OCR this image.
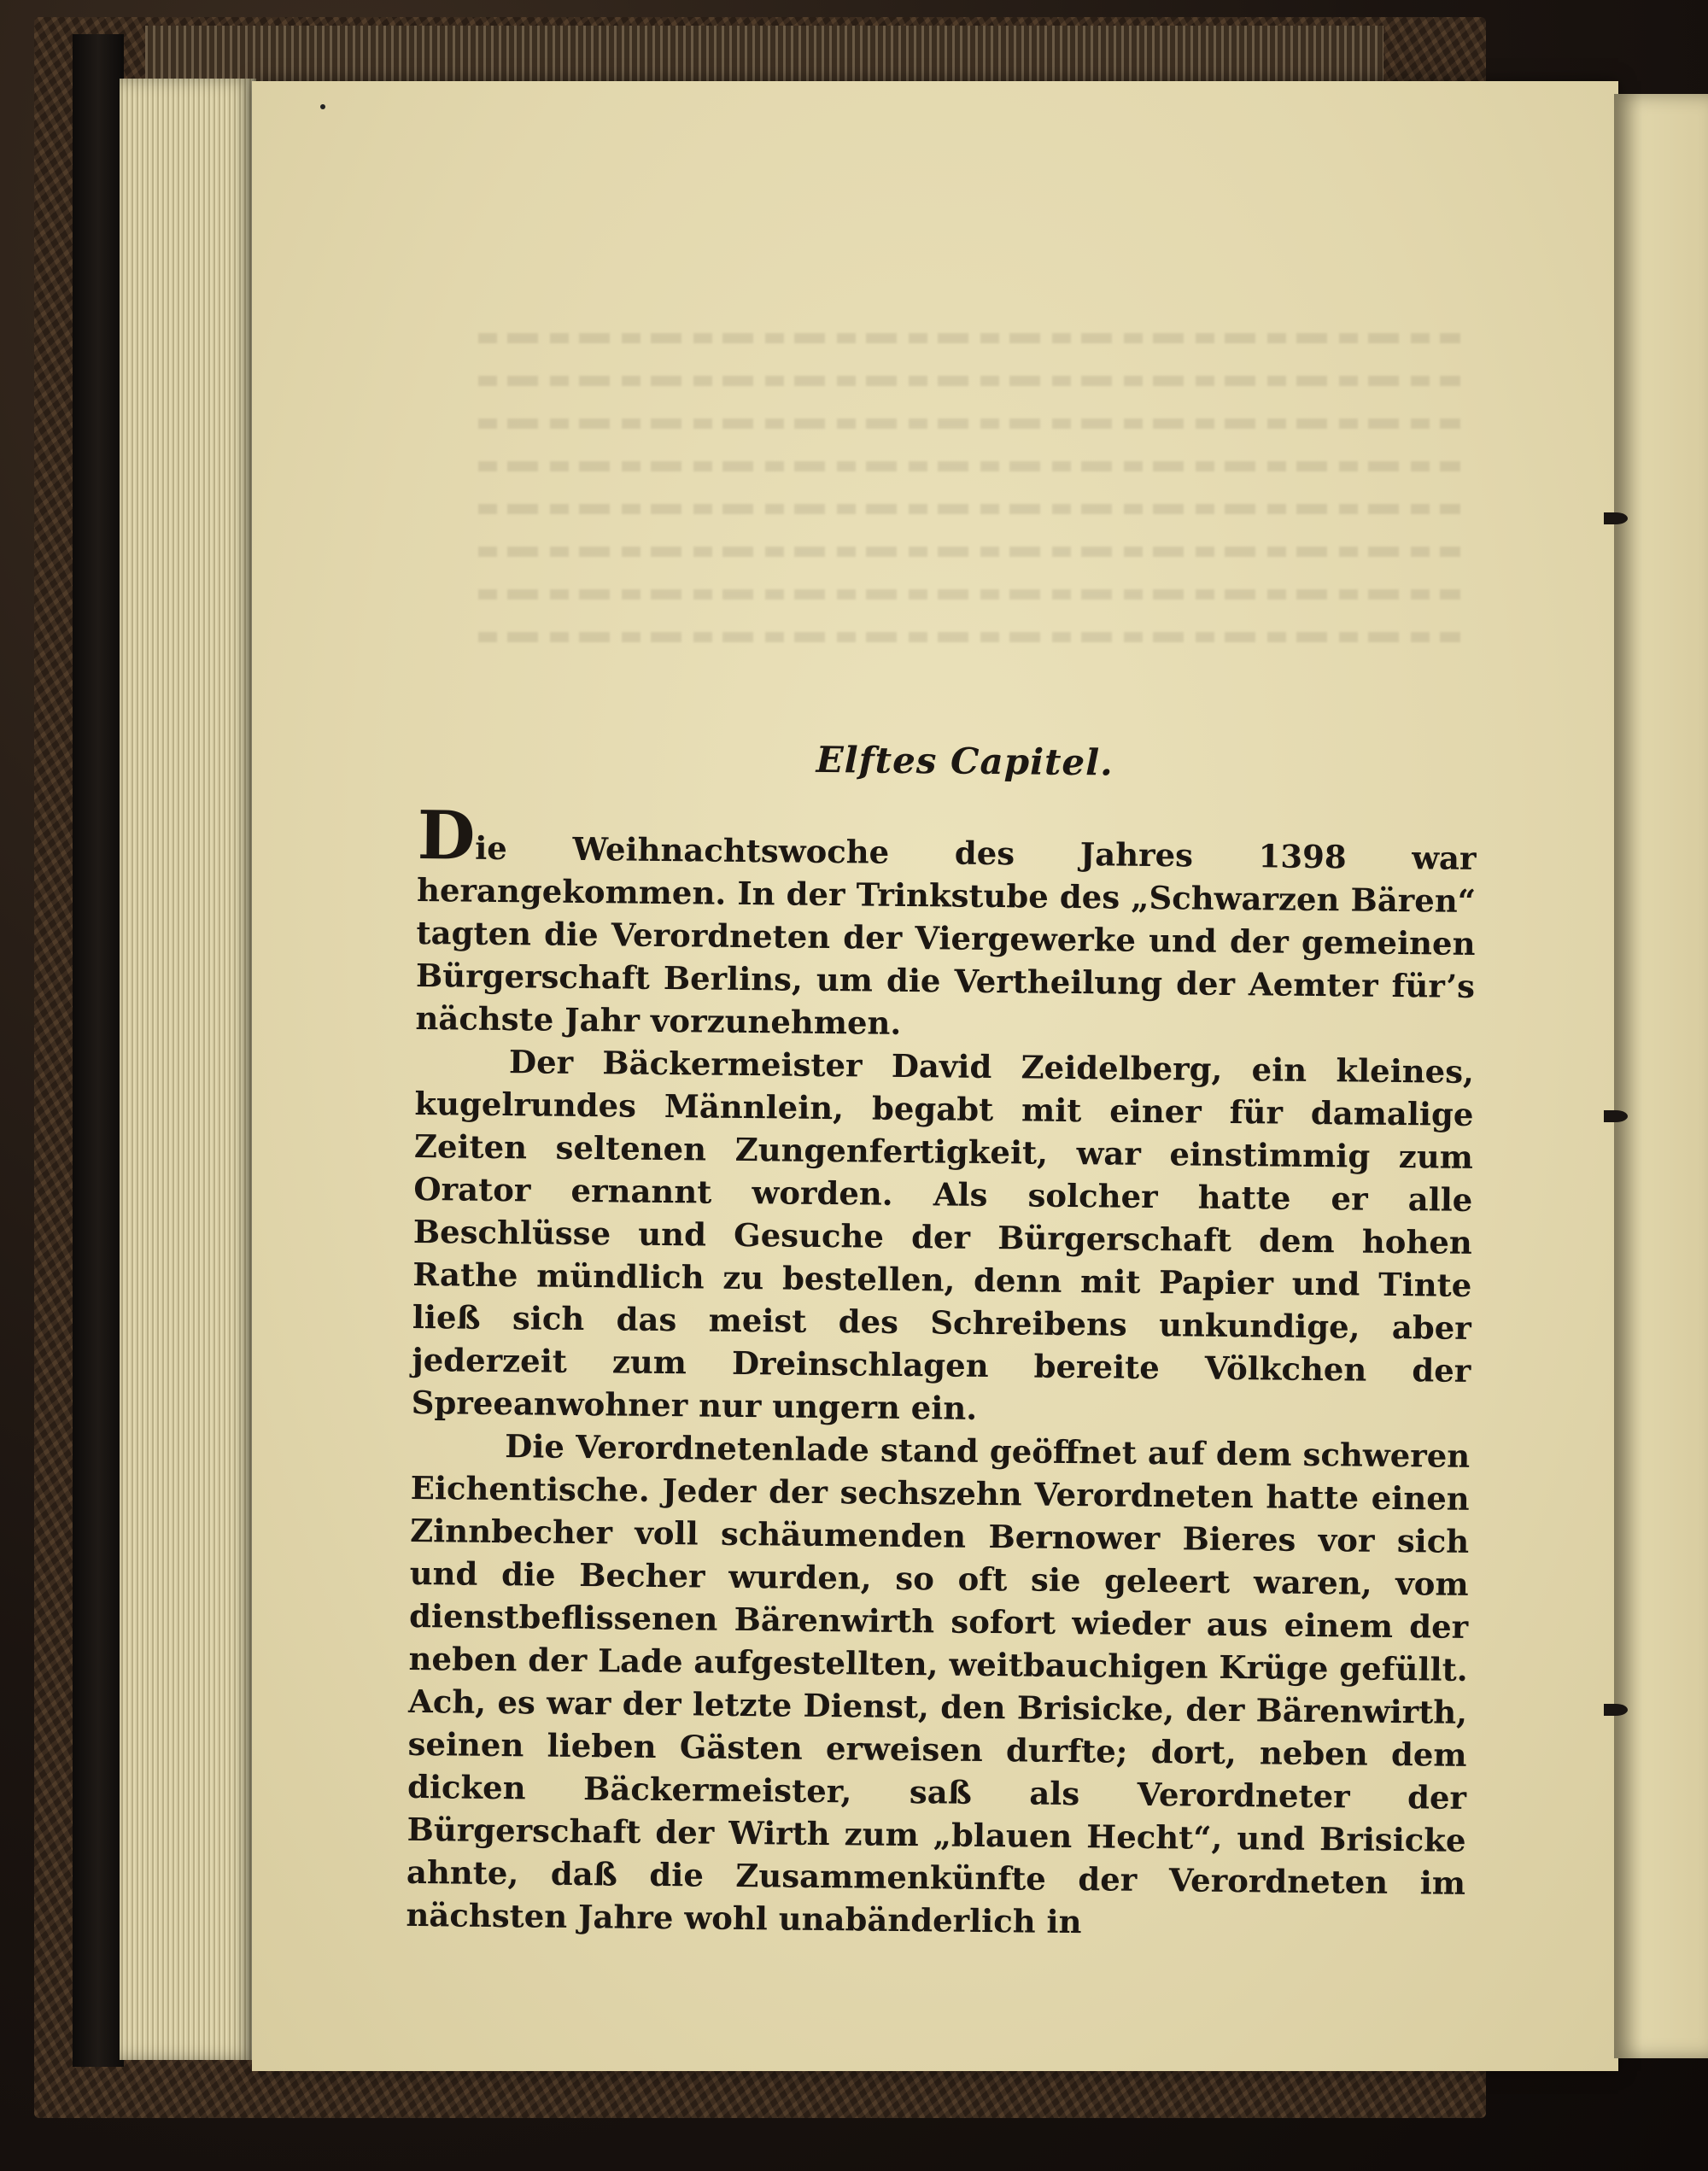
Elftes Capitel.

Die Weihnachtswoche des Jahres 1398 war herangekommen. In der Trinkstube des „Schwarzen Bären“ tagten die Verordneten der Viergewerke und der gemeinen Bürgerschaft Berlins, um die Vertheilung der Aemter für’s nächste Jahr vorzunehmen.

Der Bäckermeister David Zeidelberg, ein kleines, kugelrundes Männlein, begabt mit einer für damalige Zeiten seltenen Zungenfertigkeit, war einstimmig zum Orator ernannt worden. Als solcher hatte er alle Beschlüsse und Gesuche der Bürgerschaft dem hohen Rathe mündlich zu bestellen, denn mit Papier und Tinte ließ sich das meist des Schreibens unkundige, aber jederzeit zum Dreinschlagen bereite Völkchen der Spreeanwohner nur ungern ein.

Die Verordnetenlade stand geöffnet auf dem schweren Eichentische. Jeder der sechszehn Verordneten hatte einen Zinnbecher voll schäumenden Bernower Bieres vor sich und die Becher wurden, so oft sie geleert waren, vom dienstbeflissenen Bärenwirth sofort wieder aus einem der neben der Lade aufgestellten, weitbauchigen Krüge gefüllt. Ach, es war der letzte Dienst, den Brisicke, der Bärenwirth, seinen lieben Gästen erweisen durfte; dort, neben dem dicken Bäckermeister, saß als Verordneter der Bürgerschaft der Wirth zum „blauen Hecht“, und Brisicke ahnte, daß die Zusammenkünfte der Verordneten im nächsten Jahre wohl unabänderlich in
